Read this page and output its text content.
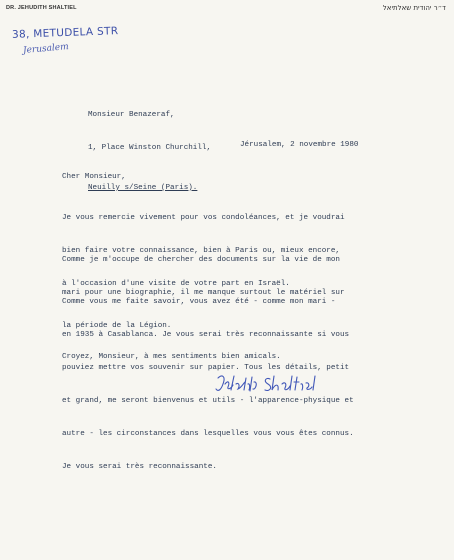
DR. JEHUDITH SHALTIEL	ד״ר יהודית שאלתיאל
38, METUDELA STR
Jerusalem

Monsieur Benazeraf,

1, Place Winston Churchill,

Neuilly s/Seine (Paris).

Jérusalem, 2 novembre 1980
Cher Monsieur,

Je vous remercie vivement pour vos condoléances, et je voudrai

bien faire votre connaissance, bien à Paris ou, mieux encore,

à l'occasion d'une visite de votre part en Israël.

Comme je m'occupe de chercher des documents sur la vie de mon

mari pour une biographie, il me manque surtout le matériel sur

la période de la Légion.

Comme vous me faite savoir, vous avez été - comme mon mari -

en 1935 à Casablanca. Je vous serai très reconnaissante si vous

pouviez mettre vos souvenir sur papier. Tous les détails, petit

et grand, me seront bienvenus et utils - l'apparence-physique et

autre - les circonstances dans lesquelles vous vous êtes connus.

Je vous serai très reconnaissante.

Croyez, Monsieur, à mes sentiments bien amicals.
